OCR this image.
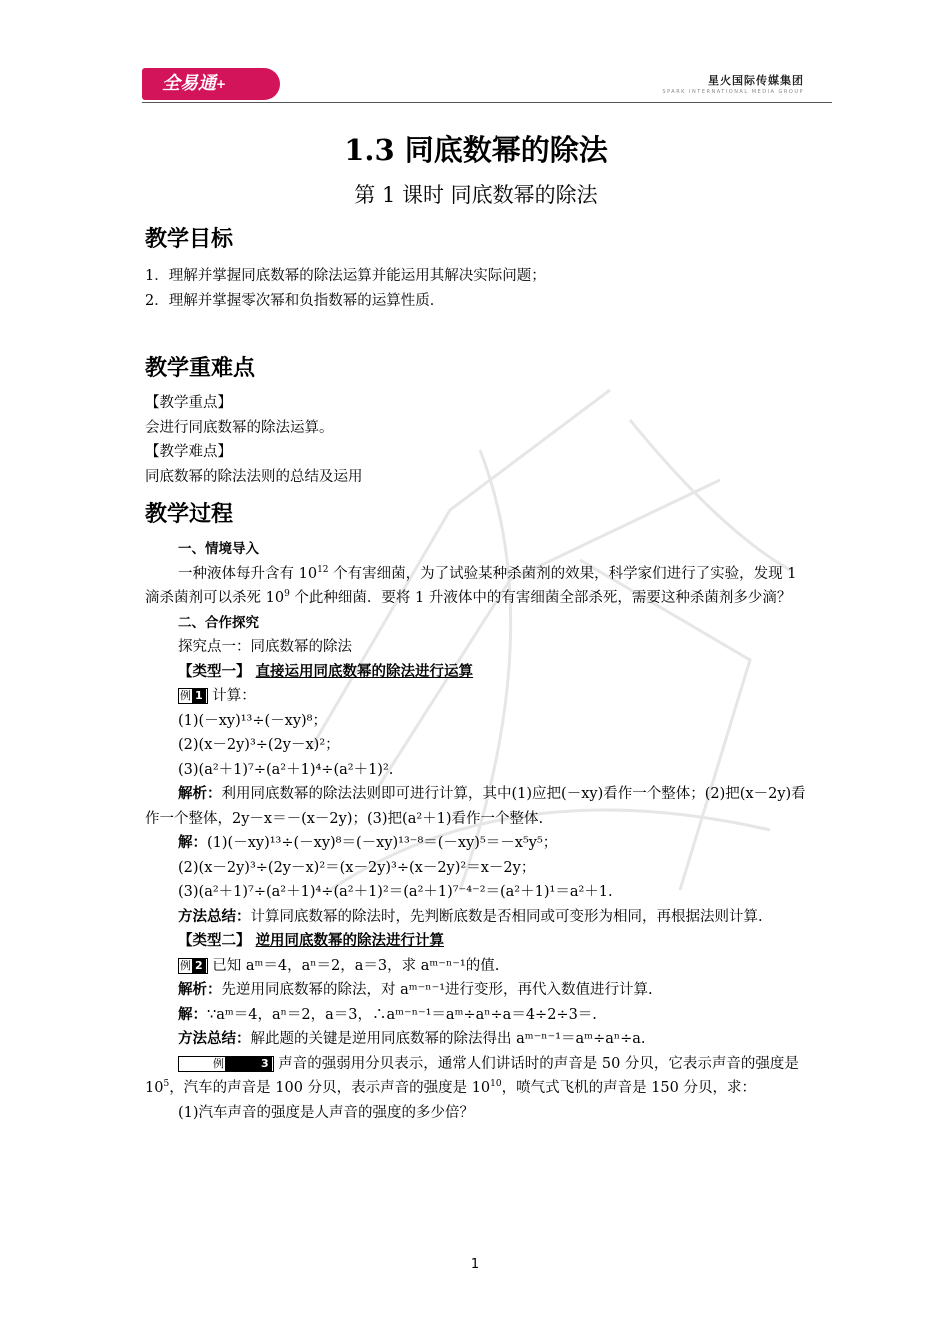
全易通+	星火国际传媒集团
SPARK INTERNATIONAL MEDIA GROUP
1.3 同底数幂的除法
第 1 课时 同底数幂的除法
教学目标
1．理解并掌握同底数幂的除法运算并能运用其解决实际问题；
2．理解并掌握零次幂和负指数幂的运算性质．
教学重难点
【教学重点】
会进行同底数幂的除法运算。
【教学难点】
同底数幂的除法法则的总结及运用
教学过程
一、情境导入
一种液体每升含有 $10^{12}$ 个有害细菌，为了试验某种杀菌剂的效果，科学家们进行了实验，发现 1 滴杀菌剂可以杀死 $10^9$ 个此种细菌．要将 1 升液体中的有害细菌全部杀死，需要这种杀菌剂多少滴？
二、合作探究
探究点一：同底数幂的除法
【类型一】 直接运用同底数幂的除法进行运算
例 1 计算：
(1)(－xy)¹³÷(－xy)⁸；
(2)(x－2y)³÷(2y－x)²；
(3)(a²＋1)⁷÷(a²＋1)⁴÷(a²＋1)².
解析：利用同底数幂的除法法则即可进行计算，其中(1)应把(－xy)看作一个整体；(2)把(x－2y)看作一个整体，2y－x＝－(x－2y)；(3)把(a²＋1)看作一个整体.
解：(1)(－xy)¹³÷(－xy)⁸＝(－xy)¹³⁻⁸＝(－xy)⁵＝－x⁵y⁵；
(2)(x－2y)³÷(2y－x)²＝(x－2y)³÷(x－2y)²＝x－2y；
(3)(a²＋1)⁷÷(a²＋1)⁴÷(a²＋1)²＝(a²＋1)⁷⁻⁴⁻²＝(a²＋1)¹＝a²＋1.
方法总结：计算同底数幂的除法时，先判断底数是否相同或可变形为相同，再根据法则计算.
【类型二】 逆用同底数幂的除法进行计算
例 2 已知 aᵐ＝4，aⁿ＝2，a＝3，求 aᵐ⁻ⁿ⁻¹的值.
解析：先逆用同底数幂的除法，对 aᵐ⁻ⁿ⁻¹进行变形，再代入数值进行计算.
解：∵aᵐ＝4，aⁿ＝2，a＝3，∴aᵐ⁻ⁿ⁻¹＝aᵐ÷aⁿ÷a＝4÷2÷3＝.
方法总结：解此题的关键是逆用同底数幂的除法得出 aᵐ⁻ⁿ⁻¹＝aᵐ÷aⁿ÷a.
例	3 声音的强弱用分贝表示，通常人们讲话时的声音是 50 分贝，它表示声音的强度是 $10^5$，汽车的声音是 100 分贝，表示声音的强度是 $10^{10}$，喷气式飞机的声音是 150 分贝，求：
(1)汽车声音的强度是人声音的强度的多少倍？
1
